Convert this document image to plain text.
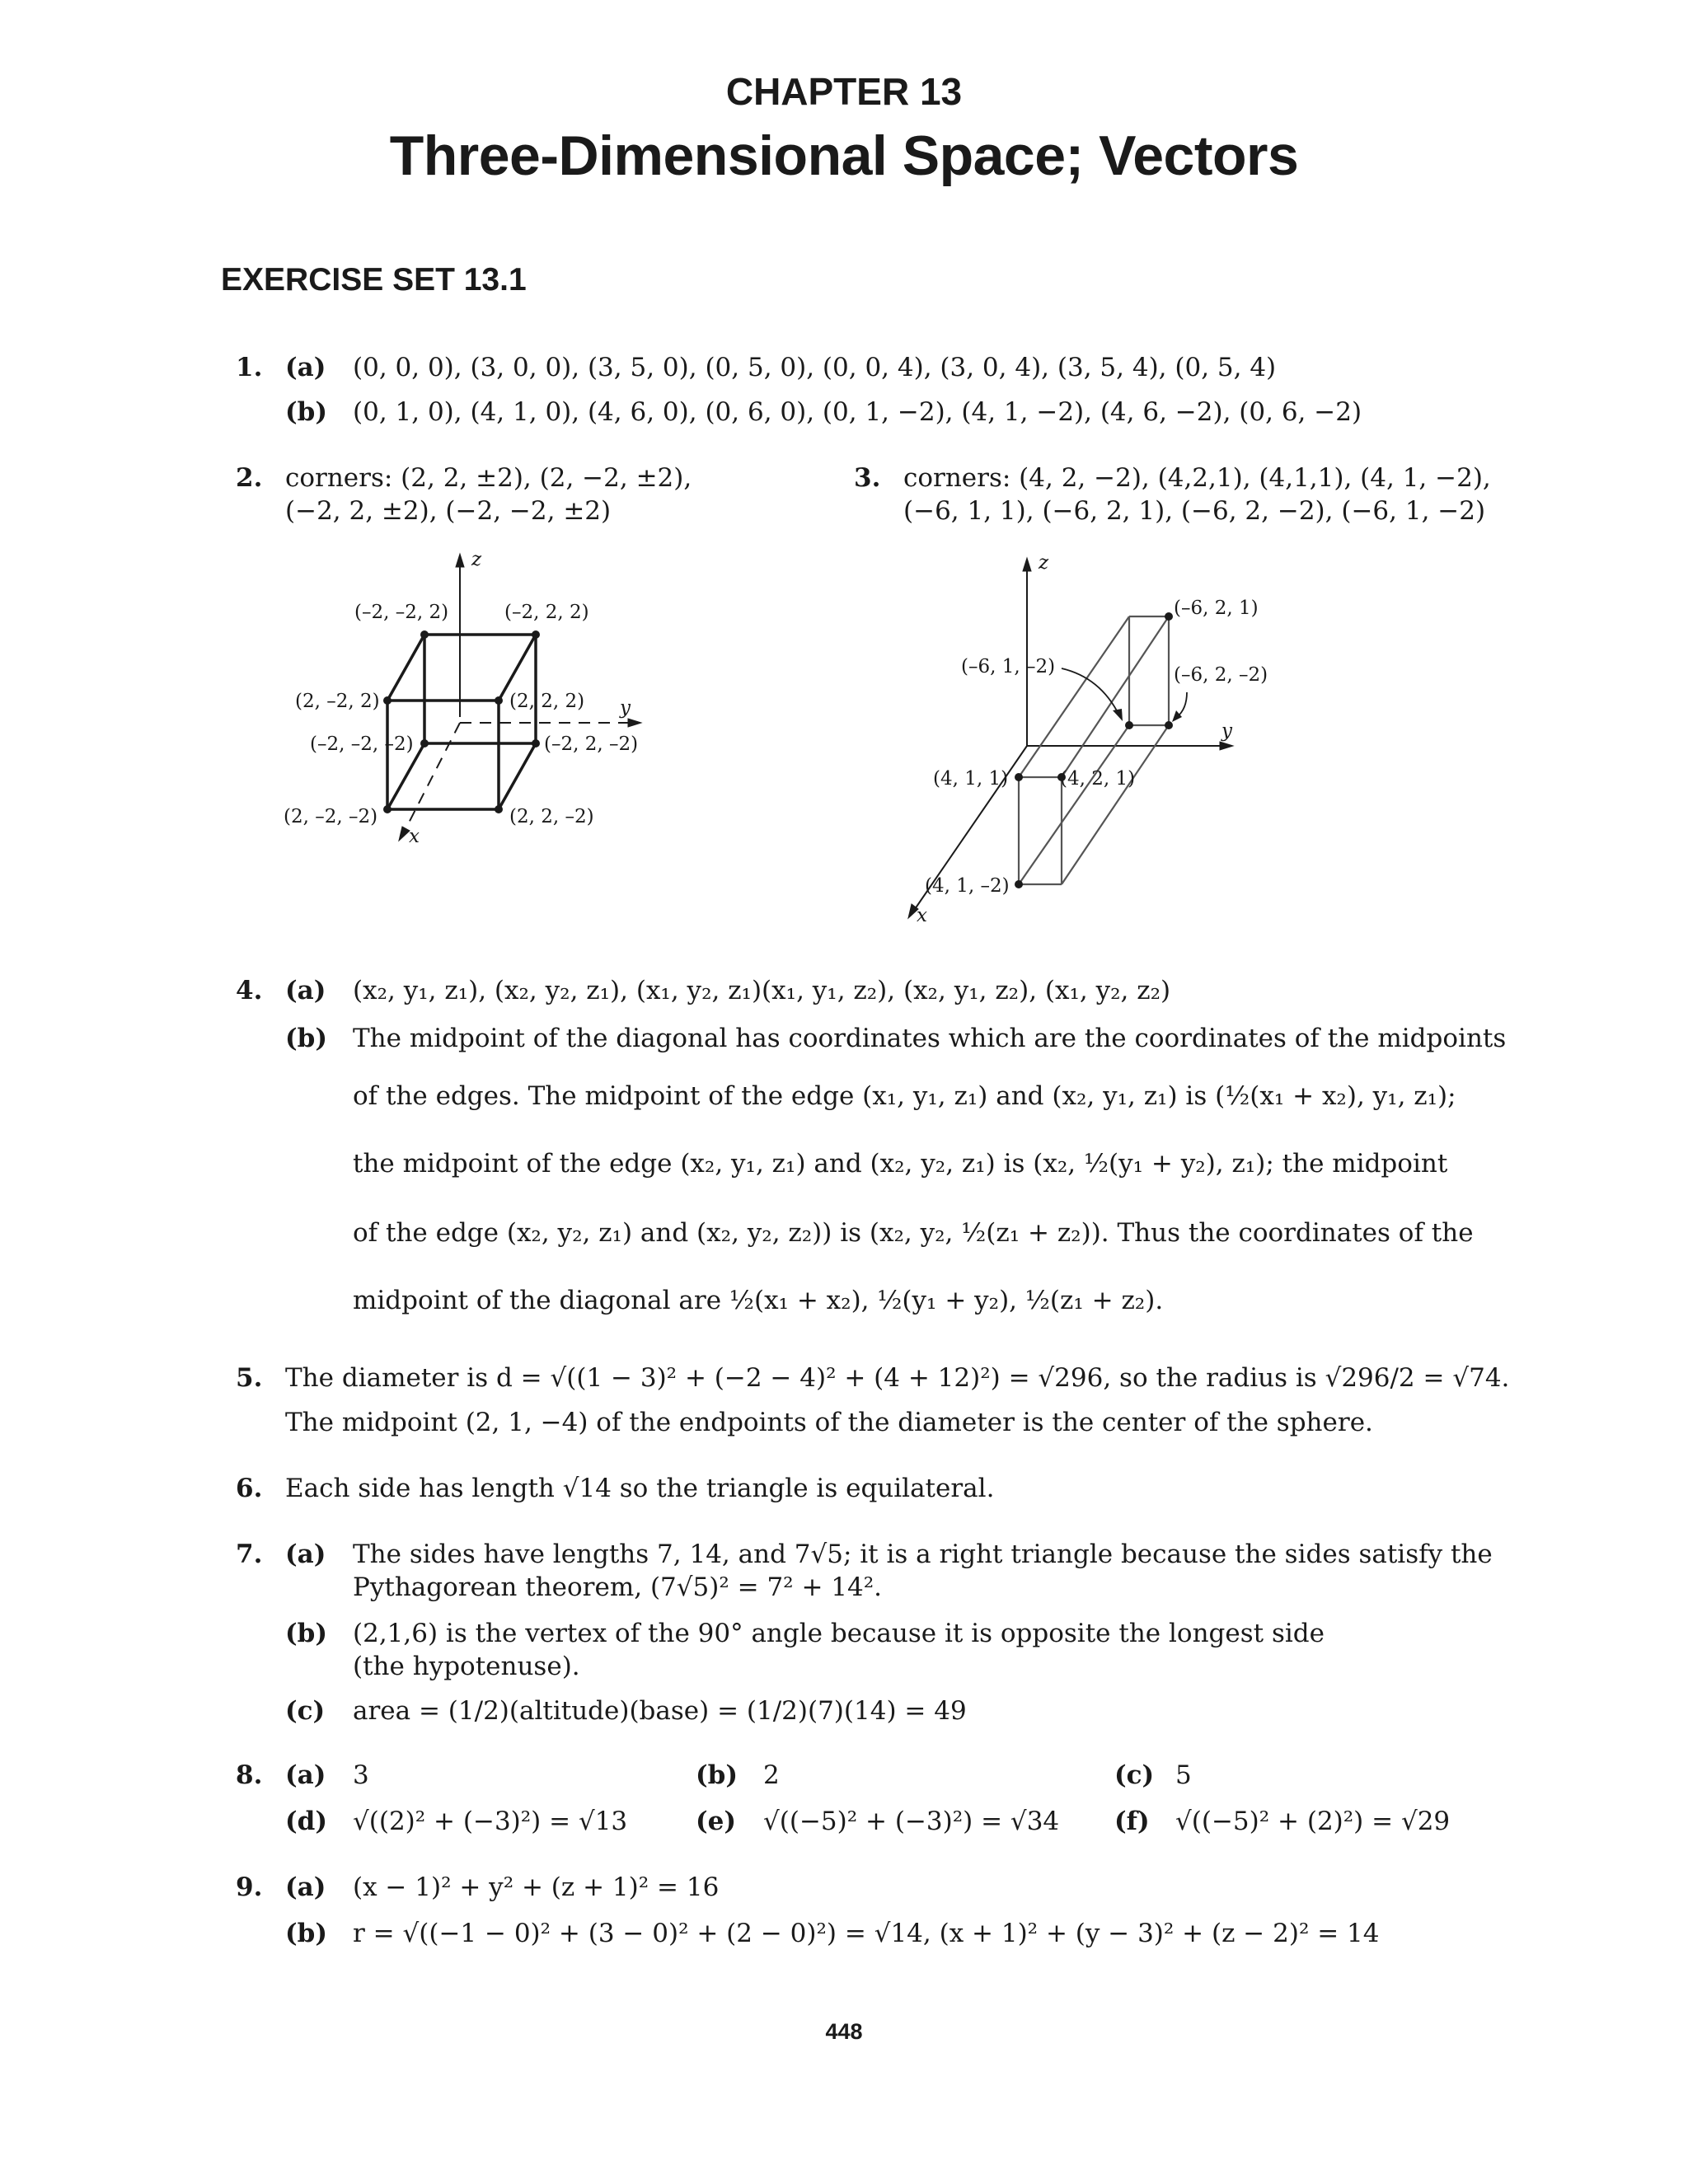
CHAPTER 13
Three-Dimensional Space; Vectors
EXERCISE SET 13.1
1. (a) (0, 0, 0), (3, 0, 0), (3, 5, 0), (0, 5, 0), (0, 0, 4), (3, 0, 4), (3, 5, 4), (0, 5, 4)
(b) (0, 1, 0), (4, 1, 0), (4, 6, 0), (0, 6, 0), (0, 1, −2), (4, 1, −2), (4, 6, −2), (0, 6, −2)
2. corners: (2, 2, ±2), (2, −2, ±2),
(−2, 2, ±2), (−2, −2, ±2)
3. corners: (4, 2, −2), (4,2,1), (4,1,1), (4, 1, −2),
(−6, 1, 1), (−6, 2, 1), (−6, 2, −2), (−6, 1, −2)
z
y
x
(–2, –2, 2)	(–2, 2, 2)
(2, –2, 2)	(2, 2, 2)
(–2, –2, –2)	(–2, 2, –2)
(2, –2, –2)	(2, 2, –2)
z
y
x
(–6, 2, 1)
(–6, 1, –2)	(–6, 2, –2)
(4, 1, 1)	(4, 2, 1)
(4, 1, –2)
4. (a) (x₂, y₁, z₁), (x₂, y₂, z₁), (x₁, y₂, z₁)(x₁, y₁, z₂), (x₂, y₁, z₂), (x₁, y₂, z₂)
(b) The midpoint of the diagonal has coordinates which are the coordinates of the midpoints
of the edges. The midpoint of the edge (x₁, y₁, z₁) and (x₂, y₁, z₁) is (½(x₁ + x₂), y₁, z₁);
the midpoint of the edge (x₂, y₁, z₁) and (x₂, y₂, z₁) is (x₂, ½(y₁ + y₂), z₁); the midpoint
of the edge (x₂, y₂, z₁) and (x₂, y₂, z₂)) is (x₂, y₂, ½(z₁ + z₂)). Thus the coordinates of the
midpoint of the diagonal are ½(x₁ + x₂), ½(y₁ + y₂), ½(z₁ + z₂).
5. The diameter is d = √((1 − 3)² + (−2 − 4)² + (4 + 12)²) = √296, so the radius is √296/2 = √74.
The midpoint (2, 1, −4) of the endpoints of the diameter is the center of the sphere.
6. Each side has length √14 so the triangle is equilateral.
7. (a) The sides have lengths 7, 14, and 7√5; it is a right triangle because the sides satisfy the
Pythagorean theorem, (7√5)² = 7² + 14².
(b) (2,1,6) is the vertex of the 90° angle because it is opposite the longest side
(the hypotenuse).
(c) area = (1/2)(altitude)(base) = (1/2)(7)(14) = 49
8. (a) 3	(b) 2	(c) 5
(d) √((2)² + (−3)²) = √13	(e) √((−5)² + (−3)²) = √34 (f) √((−5)² + (2)²) = √29
9. (a) (x − 1)² + y² + (z + 1)² = 16
(b) r = √((−1 − 0)² + (3 − 0)² + (2 − 0)²) = √14, (x + 1)² + (y − 3)² + (z − 2)² = 14
448
